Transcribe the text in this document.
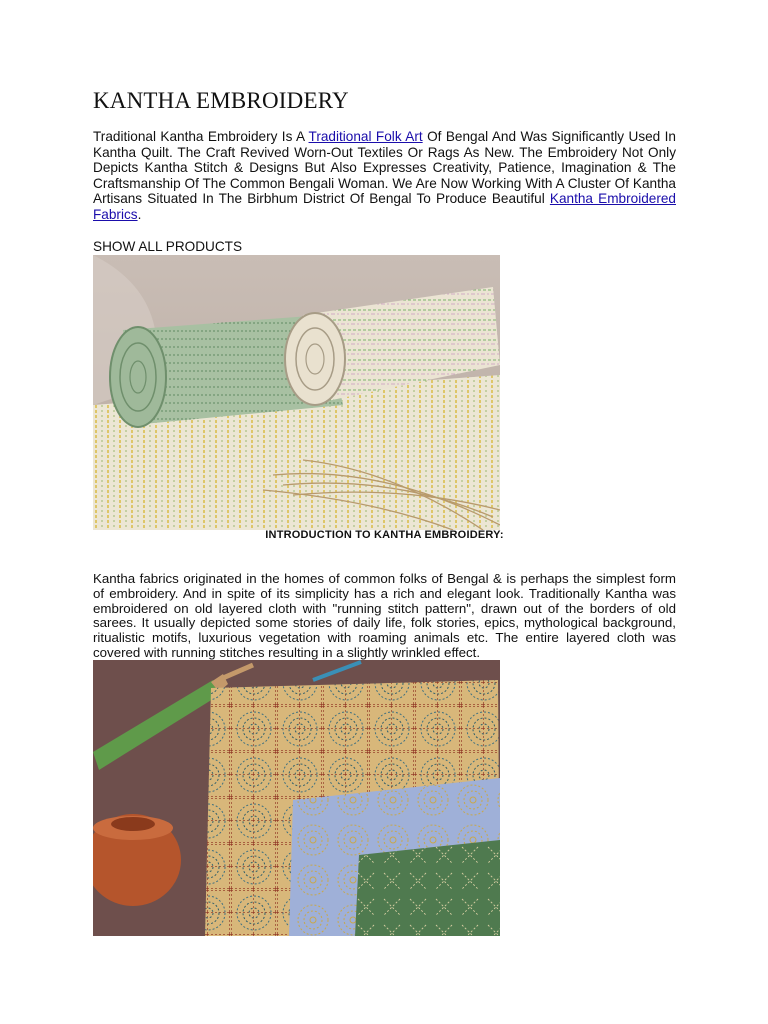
KANTHA EMBROIDERY

Traditional Kantha Embroidery Is A Traditional Folk Art Of Bengal And Was Significantly Used In Kantha Quilt. The Craft Revived Worn-Out Textiles Or Rags As New. The Embroidery Not Only Depicts Kantha Stitch & Designs But Also Expresses Creativity, Patience, Imagination & The Craftsmanship Of The Common Bengali Woman. We Are Now Working With A Cluster Of Kantha Artisans Situated In The Birbhum District Of Bengal To Produce Beautiful Kantha Embroidered Fabrics.

SHOW ALL PRODUCTS
INTRODUCTION TO KANTHA EMBROIDERY:

Kantha fabrics originated in the homes of common folks of Bengal & is perhaps the simplest form of embroidery. And in spite of its simplicity has a rich and elegant look. Traditionally Kantha was embroidered on old layered cloth with "running stitch pattern", drawn out of the borders of old sarees. It usually depicted some stories of daily life, folk stories, epics, mythological background, ritualistic motifs, luxurious vegetation with roaming animals etc. The entire layered cloth was covered with running stitches resulting in a slightly wrinkled effect.
